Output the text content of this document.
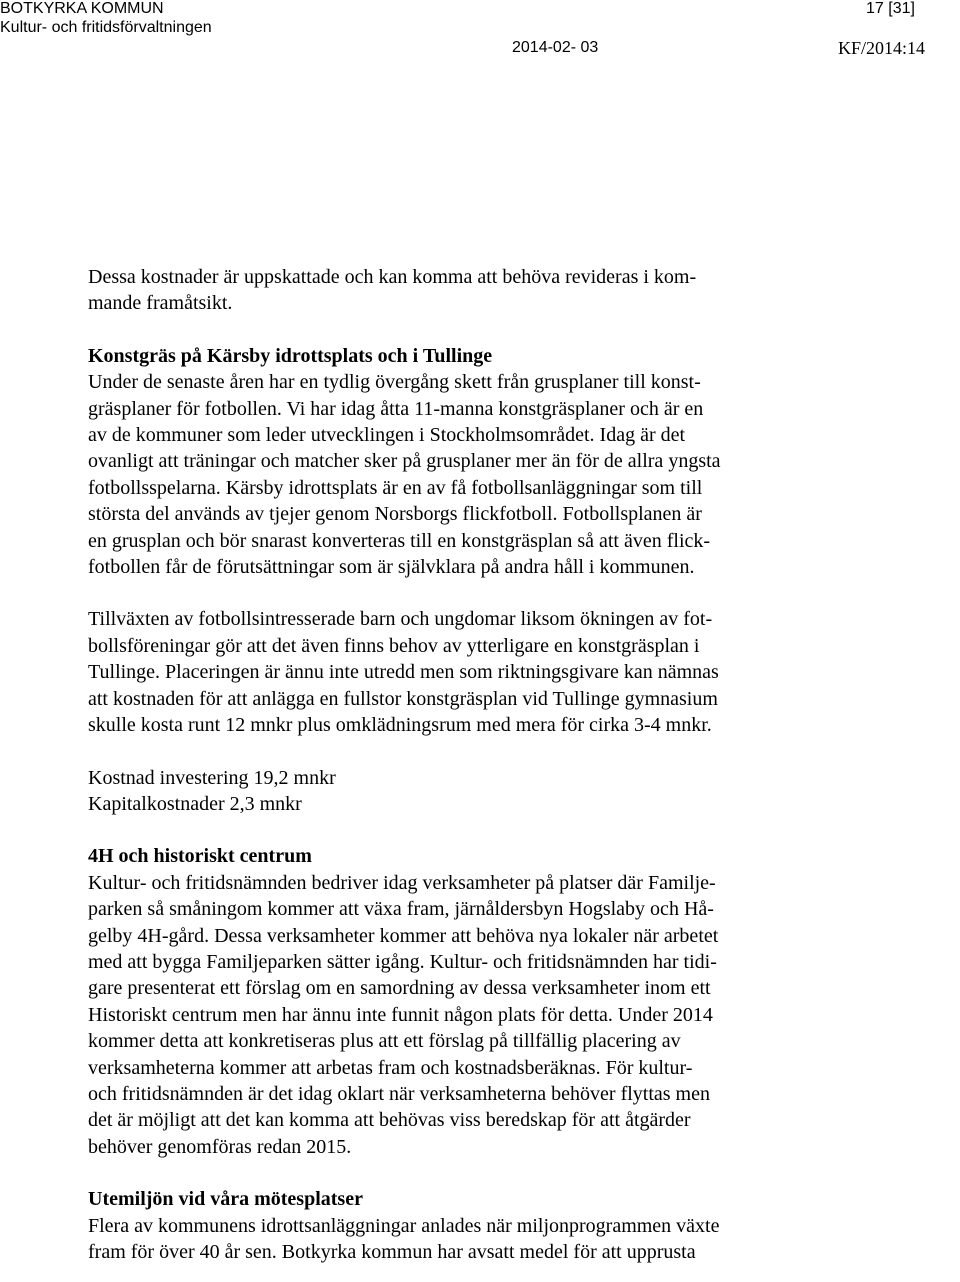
BOTKYRKA KOMMUN
Kultur- och fritidsförvaltningen
17 [31]
2014-02- 03	KF/2014:14
Dessa kostnader är uppskattade och kan komma att behöva revideras i kom-
mande framåtsikt.
Konstgräs på Kärsby idrottsplats och i Tullinge
Under de senaste åren har en tydlig övergång skett från grusplaner till konst-
gräsplaner för fotbollen. Vi har idag åtta 11-manna konstgräsplaner och är en
av de kommuner som leder utvecklingen i Stockholmsområdet. Idag är det
ovanligt att träningar och matcher sker på grusplaner mer än för de allra yngsta
fotbollsspelarna. Kärsby idrottsplats är en av få fotbollsanläggningar som till
största del används av tjejer genom Norsborgs flickfotboll. Fotbollsplanen är
en grusplan och bör snarast konverteras till en konstgräsplan så att även flick-
fotbollen får de förutsättningar som är självklara på andra håll i kommunen.
Tillväxten av fotbollsintresserade barn och ungdomar liksom ökningen av fot-
bollsföreningar gör att det även finns behov av ytterligare en konstgräsplan i
Tullinge. Placeringen är ännu inte utredd men som riktningsgivare kan nämnas
att kostnaden för att anlägga en fullstor konstgräsplan vid Tullinge gymnasium
skulle kosta runt 12 mnkr plus omklädningsrum med mera för cirka 3-4 mnkr.
Kostnad investering 19,2 mnkr
Kapitalkostnader 2,3 mnkr
4H och historiskt centrum
Kultur- och fritidsnämnden bedriver idag verksamheter på platser där Familje-
parken så småningom kommer att växa fram, järnåldersbyn Hogslaby och Hå-
gelby 4H-gård. Dessa verksamheter kommer att behöva nya lokaler när arbetet
med att bygga Familjeparken sätter igång. Kultur- och fritidsnämnden har tidi-
gare presenterat ett förslag om en samordning av dessa verksamheter inom ett
Historiskt centrum men har ännu inte funnit någon plats för detta. Under 2014
kommer detta att konkretiseras plus att ett förslag på tillfällig placering av
verksamheterna kommer att arbetas fram och kostnadsberäknas. För kultur-
och fritidsnämnden är det idag oklart när verksamheterna behöver flyttas men
det är möjligt att det kan komma att behövas viss beredskap för att åtgärder
behöver genomföras redan 2015.
Utemiljön vid våra mötesplatser
Flera av kommunens idrottsanläggningar anlades när miljonprogrammen växte
fram för över 40 år sen. Botkyrka kommun har avsatt medel för att upprusta
